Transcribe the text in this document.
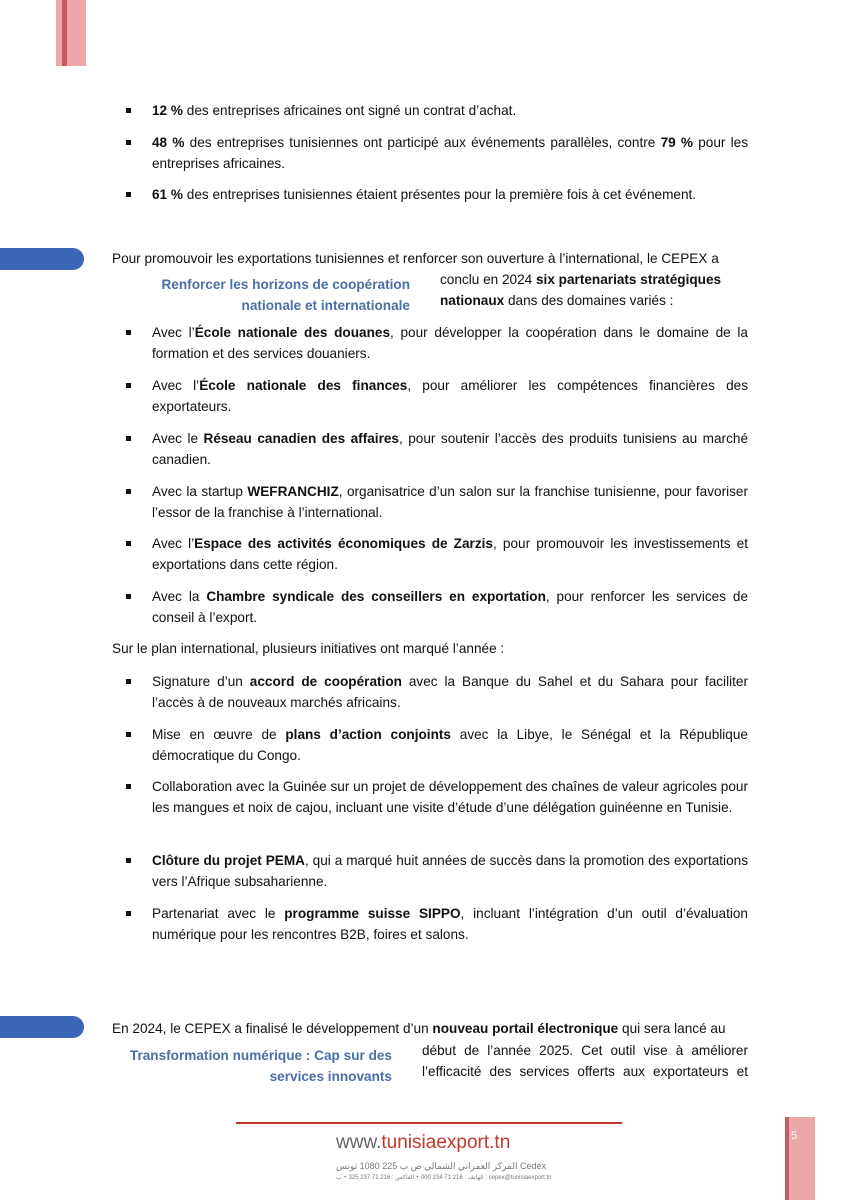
12 % des entreprises africaines ont signé un contrat d’achat.
48 % des entreprises tunisiennes ont participé aux événements parallèles, contre 79 % pour les entreprises africaines.
61 % des entreprises tunisiennes étaient présentes pour la première fois à cet événement.
Pour promouvoir les exportations tunisiennes et renforcer son ouverture à l’international, le CEPEX a
Renforcer les horizons de coopération
nationale et internationale
conclu en 2024 six partenariats stratégiques
nationaux dans des domaines variés :
Avec l’École nationale des douanes, pour développer la coopération dans le domaine de la formation et des services douaniers.
Avec l’École nationale des finances, pour améliorer les compétences financières des exportateurs.
Avec le Réseau canadien des affaires, pour soutenir l’accès des produits tunisiens au marché canadien.
Avec la startup WEFRANCHIZ, organisatrice d’un salon sur la franchise tunisienne, pour favoriser l’essor de la franchise à l’international.
Avec l’Espace des activités économiques de Zarzis, pour promouvoir les investissements et exportations dans cette région.
Avec la Chambre syndicale des conseillers en exportation, pour renforcer les services de conseil à l’export.
Sur le plan international, plusieurs initiatives ont marqué l’année :
Signature d’un accord de coopération avec la Banque du Sahel et du Sahara pour faciliter l’accès à de nouveaux marchés africains.
Mise en œuvre de plans d’action conjoints avec la Libye, le Sénégal et la République démocratique du Congo.
Collaboration avec la Guinée sur un projet de développement des chaînes de valeur agricoles pour les mangues et noix de cajou, incluant une visite d’étude d’une délégation guinéenne en Tunisie.
Clôture du projet PEMA, qui a marqué huit années de succès dans la promotion des exportations vers l’Afrique subsaharienne.
Partenariat avec le programme suisse SIPPO, incluant l’intégration d’un outil d’évaluation numérique pour les rencontres B2B, foires et salons.
En 2024, le CEPEX a finalisé le développement d’un nouveau portail électronique qui sera lancé au
Transformation numérique : Cap sur des
services innovants
début de l’année 2025. Cet outil vise à améliorer
l’efficacité des services offerts aux exportateurs et
www.tunisiaexport.tn
المركز العمراني الشمالي ص ب 225 1080 تونس Cedex
الهاتف : 216 71 234 000 + الفاكس : 216 71 237 325 + ب : cepex@tunisiaexport.tn
5
